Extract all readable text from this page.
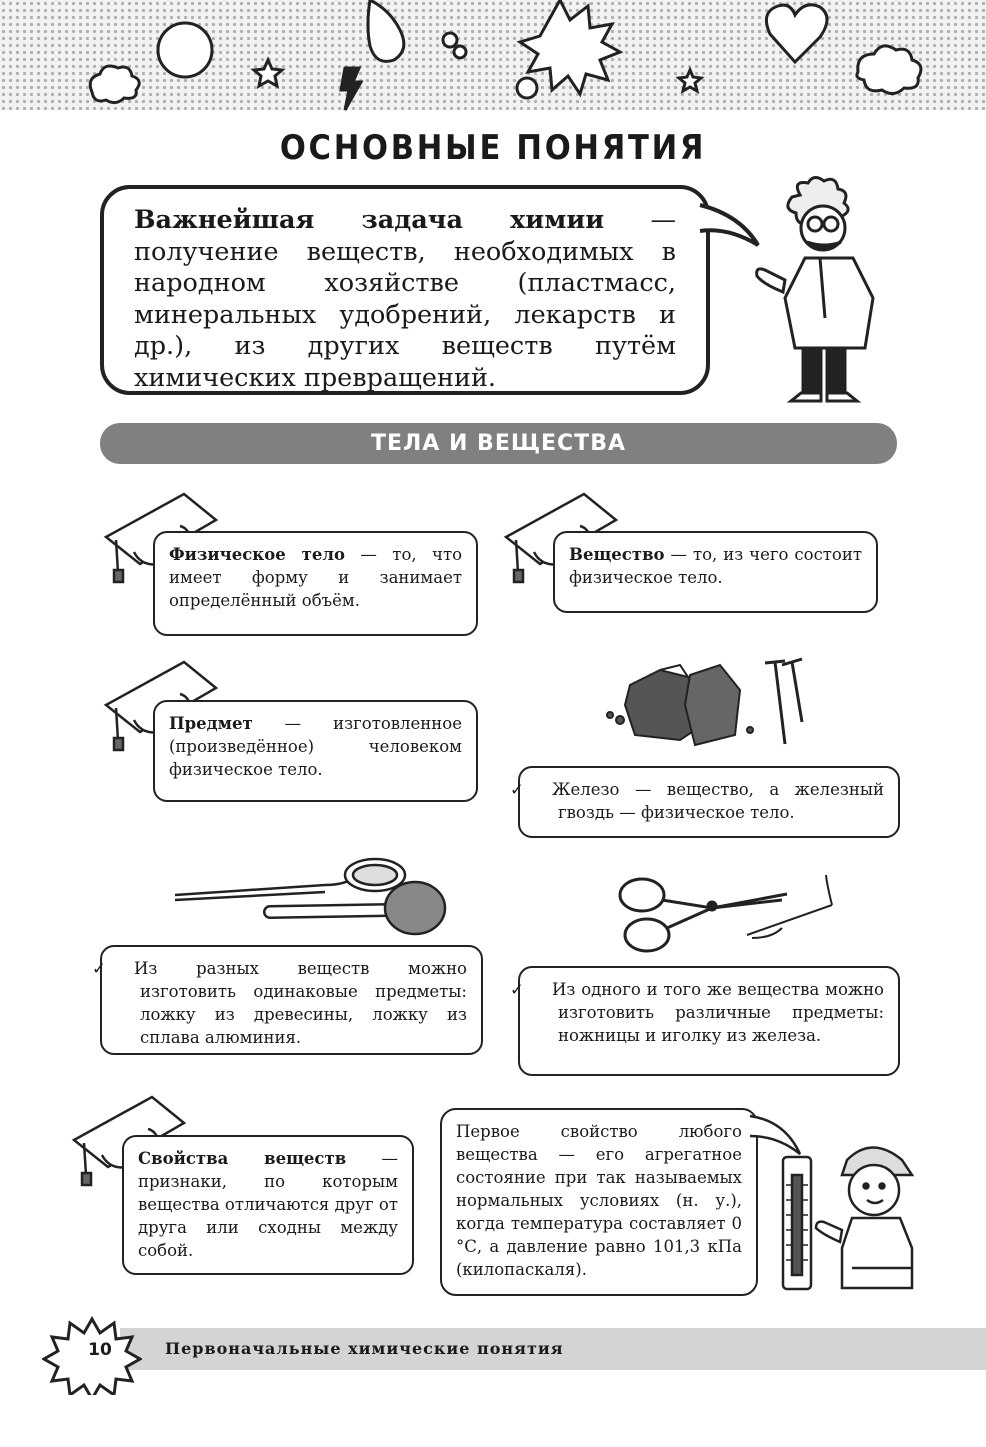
ОСНОВНЫЕ ПОНЯТИЯ
Важнейшая задача химии — получение веществ, необходимых в народном хозяйстве (пластмасс, минеральных удобрений, лекарств и др.), из других веществ путём химических превращений.
ТЕЛА И ВЕЩЕСТВА
Физическое тело — то, что имеет форму и занимает определённый объём.
Вещество — то, из чего состоит физическое тело.
Предмет — изготовленное (произведённое) человеком физическое тело.
Свойства веществ — признаки, по которым вещества отличаются друг от друга или сходны между собой.
✓ Железо — вещество, а железный гвоздь — физическое тело.
✓ Из разных веществ можно изготовить одинаковые предметы: ложку из древесины, ложку из сплава алюминия.
✓ Из одного и того же вещества можно изготовить различные предметы: ножницы и иголку из железа.
Первое свойство любого вещества — его агрегатное состояние при так называемых нормальных условиях (н. у.), когда температура составляет 0 °С, а давление равно 101,3 кПа (килопаскаля).
10	Первоначальные химические понятия
